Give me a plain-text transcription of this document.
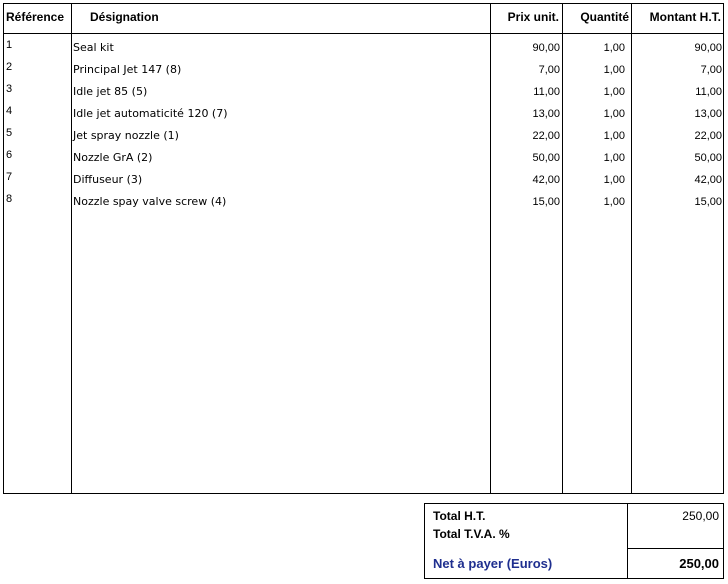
Référence Désignation	Prix unit.	Quantité	Montant H.T.
1	Seal kit	90,00	1,00	90,00
2	Principal Jet 147 (8)	7,00	1,00	7,00
3	Idle jet 85 (5)	11,00	1,00	11,00
4	Idle jet automaticité 120 (7)	13,00	1,00	13,00
5	Jet spray nozzle (1)	22,00	1,00	22,00
6	Nozzle GrA (2)	50,00	1,00	50,00
7	Diffuseur (3)	42,00	1,00	42,00
8	Nozzle spay valve screw (4)	15,00	1,00	15,00
Total H.T.	250,00
Total T.V.A. %
Net à payer (Euros)	250,00
